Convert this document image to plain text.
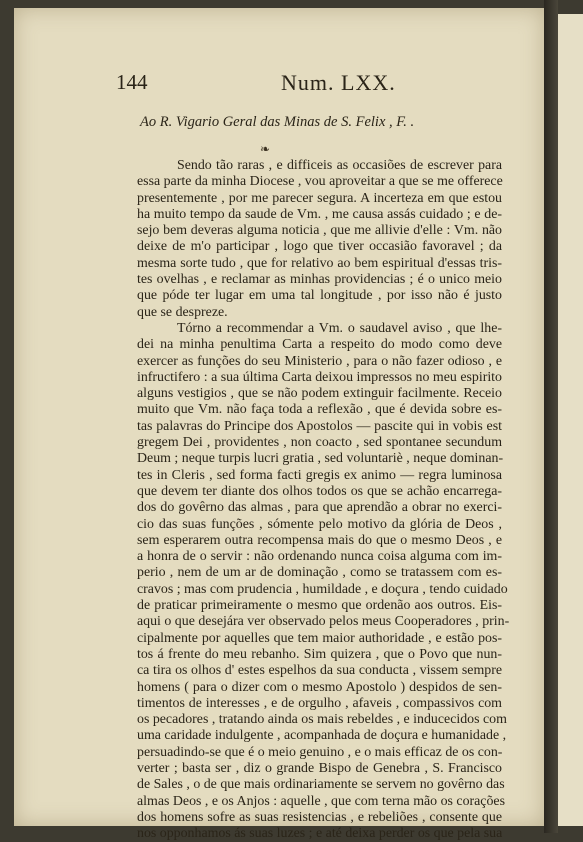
144	Num. LXX.
Ao R. Vigario Geral das Minas de S. Felix , F. .
❧
Sendo tão raras , e difficeis as occasiões de escrever para
essa parte da minha Diocese , vou aproveitar a que se me offerece
presentemente , por me parecer segura. A incerteza em que estou
ha muito tempo da saude de Vm. , me causa assás cuidado ; e de-
sejo bem deveras alguma noticia , que me allivie d'elle : Vm. não
deixe de m'o participar , logo que tiver occasião favoravel ; da
mesma sorte tudo , que for relativo ao bem espiritual d'essas tris-
tes ovelhas , e reclamar as minhas providencias ; é o unico meio
que póde ter lugar em uma tal longitude , por isso não é justo
que se despreze.
Tórno a recommendar a Vm. o saudavel aviso , que lhe-
dei na minha penultima Carta a respeito do modo como deve
exercer as funções do seu Ministerio , para o não fazer odioso , e
infructifero : a sua última Carta deixou impressos no meu espirito
alguns vestigios , que se não podem extinguir facilmente. Receio
muito que Vm. não faça toda a reflexão , que é devida sobre es-
tas palavras do Principe dos Apostolos — pascite qui in vobis est
gregem Dei , providentes , non coacto , sed spontanee secundum
Deum ; neque turpis lucri gratia , sed voluntariè , neque dominan-
tes in Cleris , sed forma facti gregis ex animo — regra luminosa
que devem ter diante dos olhos todos os que se achão encarrega-
dos do govêrno das almas , para que aprendão a obrar no exerci-
cio das suas funções , sómente pelo motivo da glória de Deos ,
sem esperarem outra recompensa mais do que o mesmo Deos , e
a honra de o servir : não ordenando nunca coisa alguma com im-
perio , nem de um ar de dominação , como se tratassem com es-
cravos ; mas com prudencia , humildade , e doçura , tendo cuidado
de praticar primeiramente o mesmo que ordenão aos outros. Eis-
aqui o que desejára ver observado pelos meus Cooperadores , prin-
cipalmente por aquelles que tem maior authoridade , e estão pos-
tos á frente do meu rebanho. Sim quizera , que o Povo que nun-
ca tira os olhos d' estes espelhos da sua conducta , vissem sempre
homens ( para o dizer com o mesmo Apostolo ) despidos de sen-
timentos de interesses , e de orgulho , afaveis , compassivos com
os pecadores , tratando ainda os mais rebeldes , e inducecidos com
uma caridade indulgente , acompanhada de doçura e humanidade ,
persuadindo-se que é o meio genuino , e o mais efficaz de os con-
verter ; basta ser , diz o grande Bispo de Genebra , S. Francisco
de Sales , o de que mais ordinariamente se servem no govêrno das
almas Deos , e os Anjos : aquelle , que com terna mão os corações
dos homens sofre as suas resistencias , e rebeliões , consente que
nos opponhamos ás suas luzes ; e até deixa perder os que pela sua
